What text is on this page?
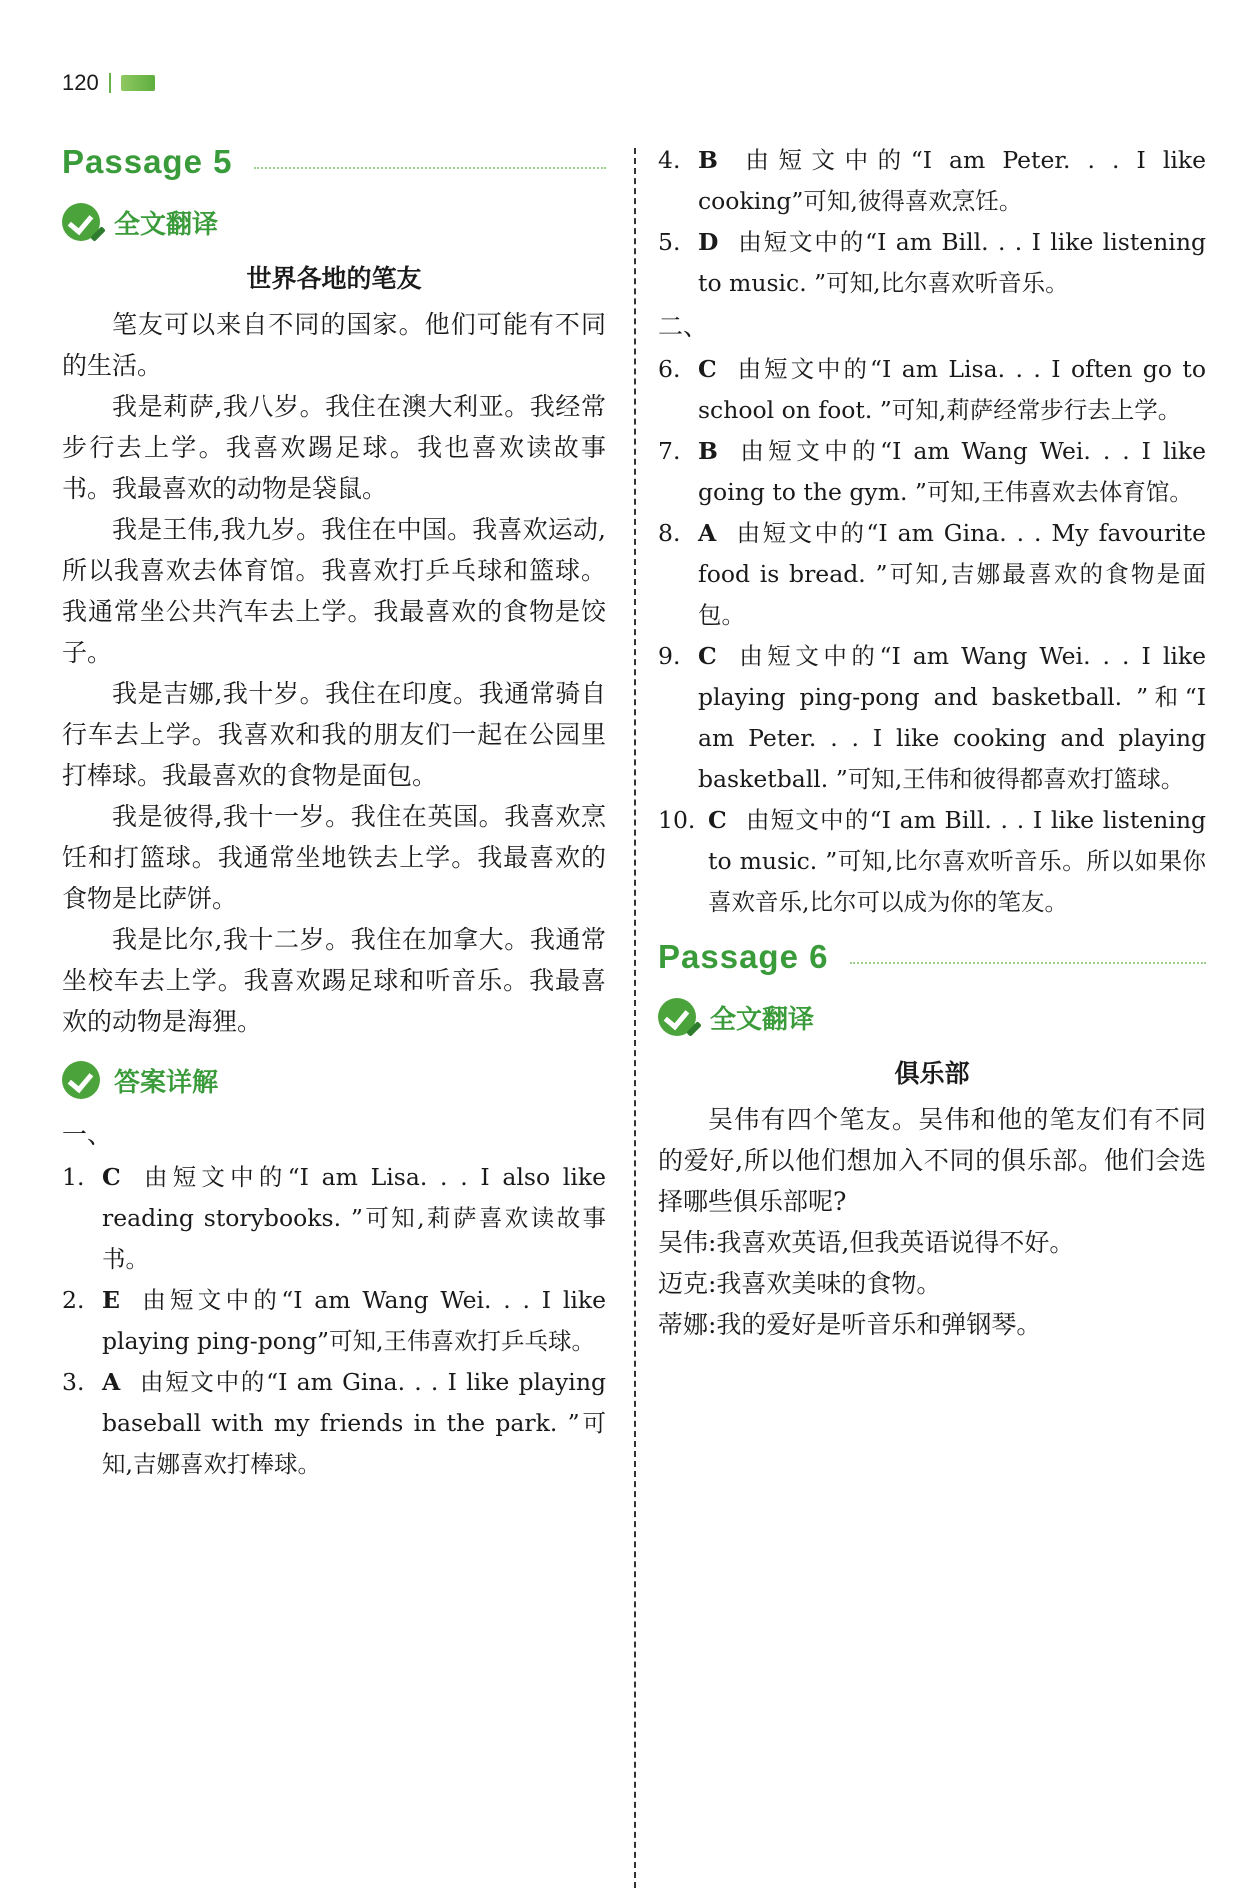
120
Passage 5
全文翻译
世界各地的笔友

笔友可以来自不同的国家。他们可能有不同的生活。

我是莉萨,我八岁。我住在澳大利亚。我经常步行去上学。我喜欢踢足球。我也喜欢读故事书。我最喜欢的动物是袋鼠。

我是王伟,我九岁。我住在中国。我喜欢运动,所以我喜欢去体育馆。我喜欢打乒乓球和篮球。我通常坐公共汽车去上学。我最喜欢的食物是饺子。

我是吉娜,我十岁。我住在印度。我通常骑自行车去上学。我喜欢和我的朋友们一起在公园里打棒球。我最喜欢的食物是面包。

我是彼得,我十一岁。我住在英国。我喜欢烹饪和打篮球。我通常坐地铁去上学。我最喜欢的食物是比萨饼。

我是比尔,我十二岁。我住在加拿大。我通常坐校车去上学。我喜欢踢足球和听音乐。我最喜欢的动物是海狸。

答案详解
一、
1. C 由短文中的“I am Lisa. . . I also like reading storybooks. ”可知,莉萨喜欢读故事书。
2. E 由短文中的“I am Wang Wei. . . I like playing ping-pong”可知,王伟喜欢打乒乓球。
3. A 由短文中的“I am Gina. . . I like playing baseball with my friends in the park. ”可知,吉娜喜欢打棒球。
4. B 由短文中的“I am Peter. . . I like cooking”可知,彼得喜欢烹饪。
5. D 由短文中的“I am Bill. . . I like listening to music. ”可知,比尔喜欢听音乐。
二、
6. C 由短文中的“I am Lisa. . . I often go to school on foot. ”可知,莉萨经常步行去上学。
7. B 由短文中的“I am Wang Wei. . . I like going to the gym. ”可知,王伟喜欢去体育馆。
8. A 由短文中的“I am Gina. . . My favourite food is bread. ”可知,吉娜最喜欢的食物是面包。
9. C 由短文中的“I am Wang Wei. . . I like playing ping-pong and basketball. ”和“I am Peter. . . I like cooking and playing basketball. ”可知,王伟和彼得都喜欢打篮球。
10. C 由短文中的“I am Bill. . . I like listening to music. ”可知,比尔喜欢听音乐。所以如果你喜欢音乐,比尔可以成为你的笔友。
Passage 6
全文翻译
俱乐部

吴伟有四个笔友。吴伟和他的笔友们有不同的爱好,所以他们想加入不同的俱乐部。他们会选择哪些俱乐部呢?

吴伟:我喜欢英语,但我英语说得不好。

迈克:我喜欢美味的食物。

蒂娜:我的爱好是听音乐和弹钢琴。
